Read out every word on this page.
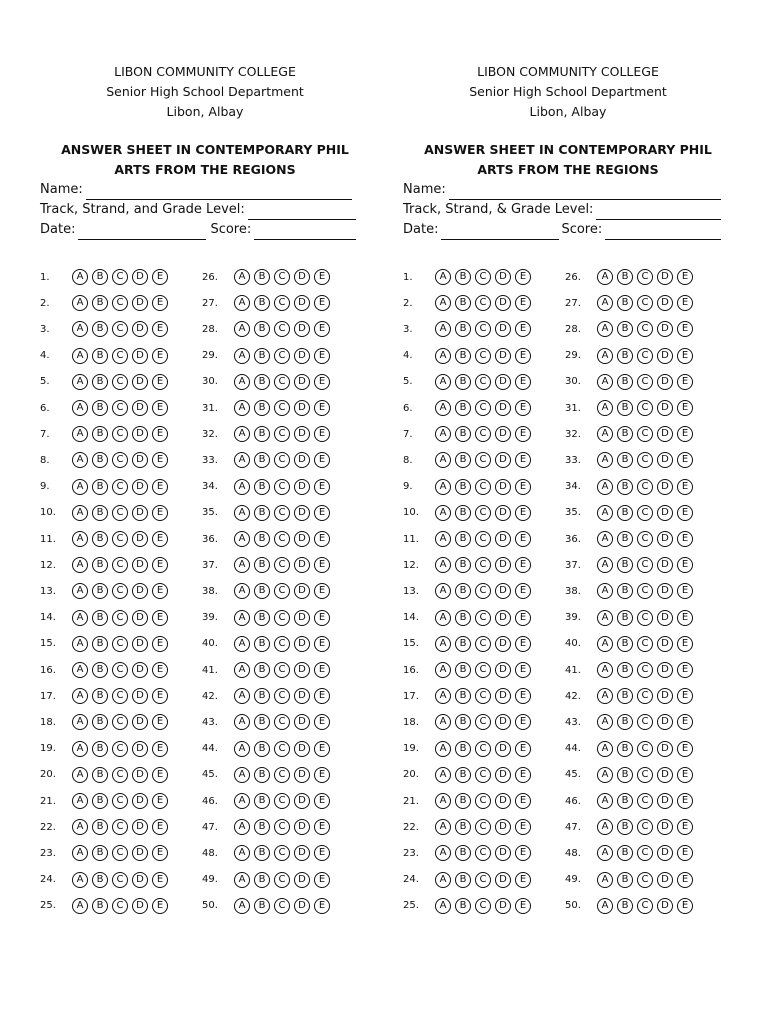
LIBON COMMUNITY COLLEGE
Senior High School Department
Libon, Albay
ANSWER SHEET IN CONTEMPORARY PHIL
ARTS FROM THE REGIONS
Name:
Track, Strand, and Grade Level:
Date:	Score:
1.	A	B	C	D	E
2.	A	B	C	D	E
3.	A	B	C	D	E
4.	A	B	C	D	E
5.	A	B	C	D	E
6.	A	B	C	D	E
7.	A	B	C	D	E
8.	A	B	C	D	E
9.	A	B	C	D	E
10.	A	B	C	D	E
11.	A	B	C	D	E
12.	A	B	C	D	E
13.	A	B	C	D	E
14.	A	B	C	D	E
15.	A	B	C	D	E
16.	A	B	C	D	E
17.	A	B	C	D	E
18.	A	B	C	D	E
19.	A	B	C	D	E
20.	A	B	C	D	E
21.	A	B	C	D	E
22.	A	B	C	D	E
23.	A	B	C	D	E
24.	A	B	C	D	E
25.	A	B	C	D	E
26.	A	B	C	D	E
27.	A	B	C	D	E
28.	A	B	C	D	E
29.	A	B	C	D	E
30.	A	B	C	D	E
31.	A	B	C	D	E
32.	A	B	C	D	E
33.	A	B	C	D	E
34.	A	B	C	D	E
35.	A	B	C	D	E
36.	A	B	C	D	E
37.	A	B	C	D	E
38.	A	B	C	D	E
39.	A	B	C	D	E
40.	A	B	C	D	E
41.	A	B	C	D	E
42.	A	B	C	D	E
43.	A	B	C	D	E
44.	A	B	C	D	E
45.	A	B	C	D	E
46.	A	B	C	D	E
47.	A	B	C	D	E
48.	A	B	C	D	E
49.	A	B	C	D	E
50.	A	B	C	D	E
LIBON COMMUNITY COLLEGE
Senior High School Department
Libon, Albay
ANSWER SHEET IN CONTEMPORARY PHIL
ARTS FROM THE REGIONS
Name:
Track, Strand, & Grade Level:
Date:	Score:
1.	A	B	C	D	E
2.	A	B	C	D	E
3.	A	B	C	D	E
4.	A	B	C	D	E
5.	A	B	C	D	E
6.	A	B	C	D	E
7.	A	B	C	D	E
8.	A	B	C	D	E
9.	A	B	C	D	E
10.	A	B	C	D	E
11.	A	B	C	D	E
12.	A	B	C	D	E
13.	A	B	C	D	E
14.	A	B	C	D	E
15.	A	B	C	D	E
16.	A	B	C	D	E
17.	A	B	C	D	E
18.	A	B	C	D	E
19.	A	B	C	D	E
20.	A	B	C	D	E
21.	A	B	C	D	E
22.	A	B	C	D	E
23.	A	B	C	D	E
24.	A	B	C	D	E
25.	A	B	C	D	E
26.	A	B	C	D	E
27.	A	B	C	D	E
28.	A	B	C	D	E
29.	A	B	C	D	E
30.	A	B	C	D	E
31.	A	B	C	D	E
32.	A	B	C	D	E
33.	A	B	C	D	E
34.	A	B	C	D	E
35.	A	B	C	D	E
36.	A	B	C	D	E
37.	A	B	C	D	E
38.	A	B	C	D	E
39.	A	B	C	D	E
40.	A	B	C	D	E
41.	A	B	C	D	E
42.	A	B	C	D	E
43.	A	B	C	D	E
44.	A	B	C	D	E
45.	A	B	C	D	E
46.	A	B	C	D	E
47.	A	B	C	D	E
48.	A	B	C	D	E
49.	A	B	C	D	E
50.	A	B	C	D	E
